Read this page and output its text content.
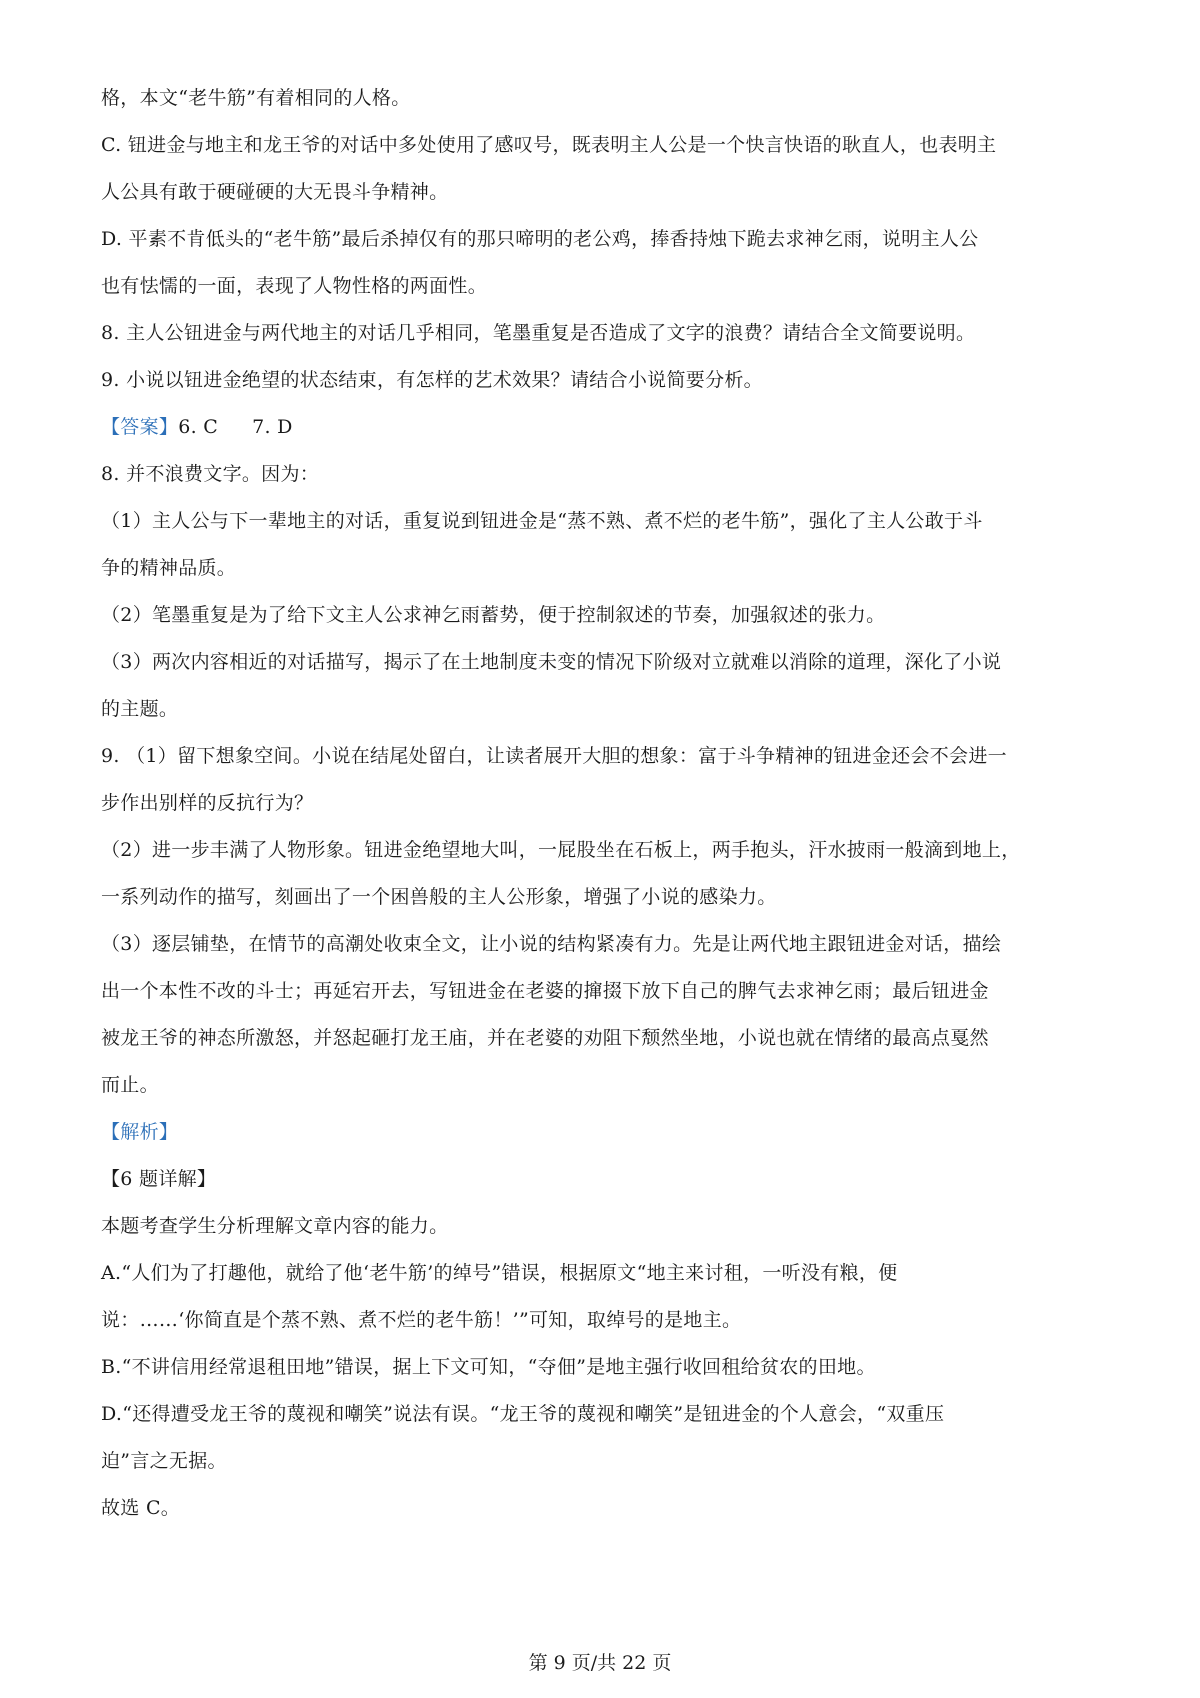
格，本文“老牛筋”有着相同的人格。

C. 钮进金与地主和龙王爷的对话中多处使用了感叹号，既表明主人公是一个快言快语的耿直人，也表明主

人公具有敢于硬碰硬的大无畏斗争精神。

D. 平素不肯低头的“老牛筋”最后杀掉仅有的那只啼明的老公鸡，捧香持烛下跪去求神乞雨，说明主人公

也有怯懦的一面，表现了人物性格的两面性。

8. 主人公钮进金与两代地主的对话几乎相同，笔墨重复是否造成了文字的浪费？请结合全文简要说明。

9. 小说以钮进金绝望的状态结束，有怎样的艺术效果？请结合小说简要分析。

【答案】6. C 7. D

8. 并不浪费文字。因为：

（1）主人公与下一辈地主的对话，重复说到钮进金是“蒸不熟、煮不烂的老牛筋”，强化了主人公敢于斗

争的精神品质。

（2）笔墨重复是为了给下文主人公求神乞雨蓄势，便于控制叙述的节奏，加强叙述的张力。

（3）两次内容相近的对话描写，揭示了在土地制度未变的情况下阶级对立就难以消除的道理，深化了小说

的主题。

9. （1）留下想象空间。小说在结尾处留白，让读者展开大胆的想象：富于斗争精神的钮进金还会不会进一

步作出别样的反抗行为？

（2）进一步丰满了人物形象。钮进金绝望地大叫，一屁股坐在石板上，两手抱头，汗水披雨一般滴到地上，

一系列动作的描写，刻画出了一个困兽般的主人公形象，增强了小说的感染力。

（3）逐层铺垫，在情节的高潮处收束全文，让小说的结构紧凑有力。先是让两代地主跟钮进金对话，描绘

出一个本性不改的斗士；再延宕开去，写钮进金在老婆的撺掇下放下自己的脾气去求神乞雨；最后钮进金

被龙王爷的神态所激怒，并怒起砸打龙王庙，并在老婆的劝阻下颓然坐地，小说也就在情绪的最高点戛然

而止。

【解析】

【6 题详解】

本题考查学生分析理解文章内容的能力。

A.“人们为了打趣他，就给了他‘老牛筋’的绰号”错误，根据原文“地主来讨租，一听没有粮，便

说：……‘你简直是个蒸不熟、煮不烂的老牛筋！’”可知，取绰号的是地主。

B.“不讲信用经常退租田地”错误，据上下文可知，“夺佃”是地主强行收回租给贫农的田地。

D.“还得遭受龙王爷的蔑视和嘲笑”说法有误。“龙王爷的蔑视和嘲笑”是钮进金的个人意会，“双重压

迫”言之无据。

故选 C。

第 9 页/共 22 页
